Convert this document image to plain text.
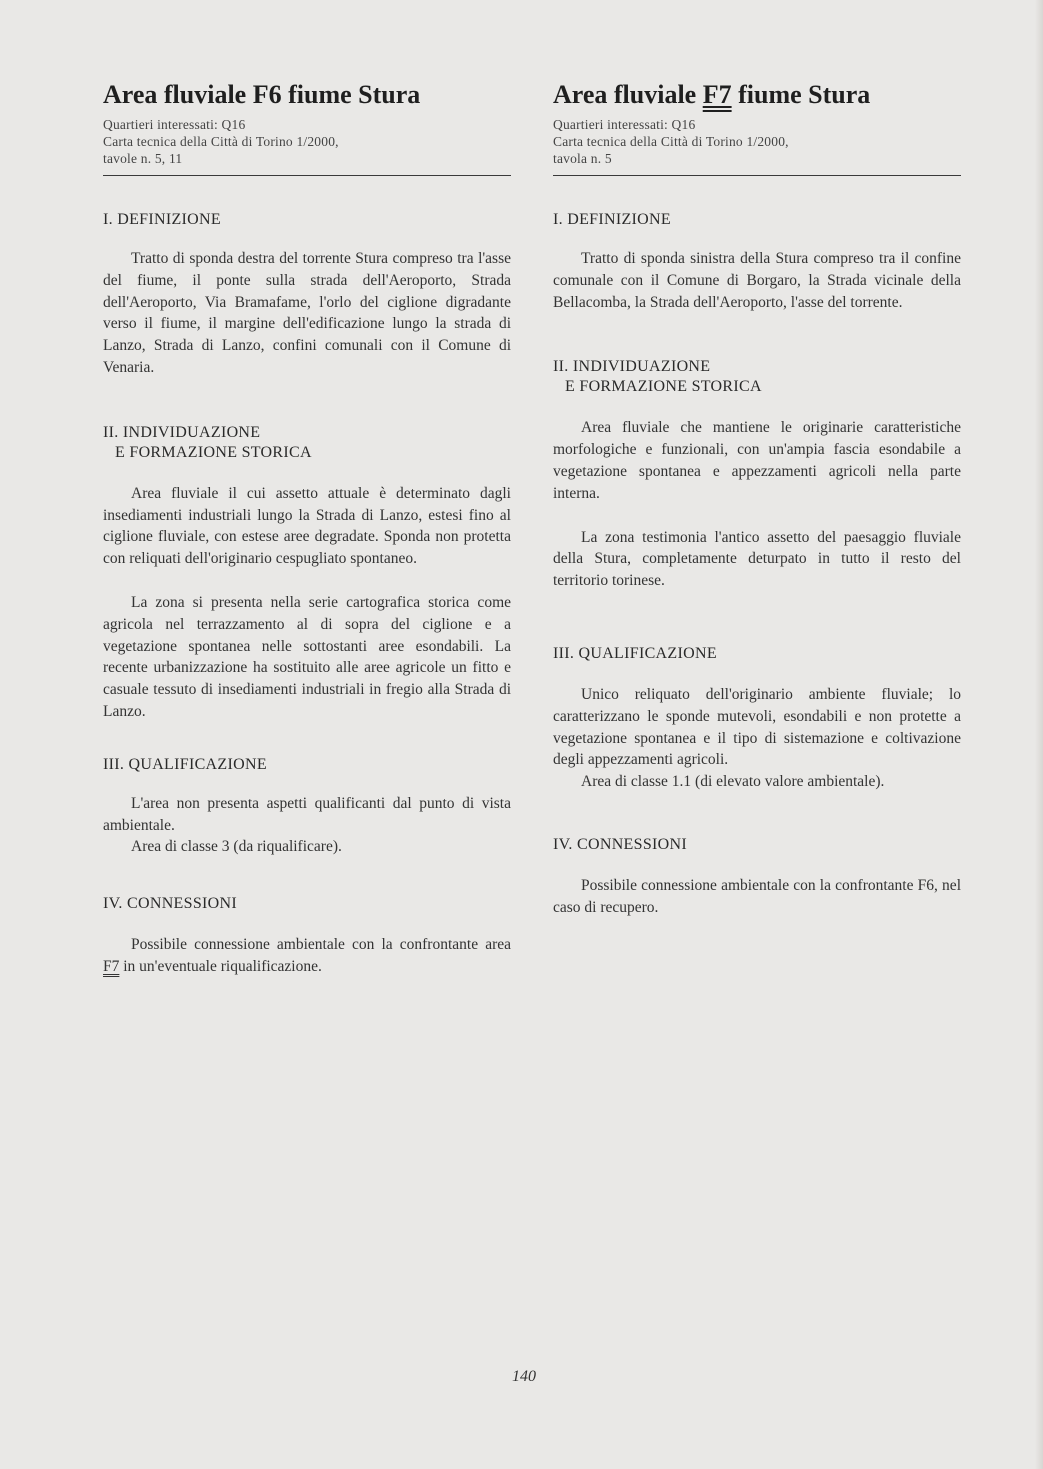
Area fluviale F6 fiume Stura
Quartieri interessati: Q16
Carta tecnica della Città di Torino 1/2000,
tavole n. 5, 11
I. DEFINIZIONE

Tratto di sponda destra del torrente Stura compreso tra l'asse del fiume, il ponte sulla strada dell'Aeroporto, Strada dell'Aeroporto, Via Bramafame, l'orlo del ciglione digradante verso il fiume, il margine dell'edificazione lungo la strada di Lanzo, Strada di Lanzo, confini comunali con il Comune di Venaria.

II. INDIVIDUAZIONE
E FORMAZIONE STORICA

Area fluviale il cui assetto attuale è determinato dagli insediamenti industriali lungo la Strada di Lanzo, estesi fino al ciglione fluviale, con estese aree degradate. Sponda non protetta con reliquati dell'originario cespugliato spontaneo.

La zona si presenta nella serie cartografica storica come agricola nel terrazzamento al di sopra del ciglione e a vegetazione spontanea nelle sottostanti aree esondabili. La recente urbanizzazione ha sostituito alle aree agricole un fitto e casuale tessuto di insediamenti industriali in fregio alla Strada di Lanzo.

III. QUALIFICAZIONE

L'area non presenta aspetti qualificanti dal punto di vista ambientale.

Area di classe 3 (da riqualificare).

IV. CONNESSIONI

Possibile connessione ambientale con la confrontante area F7 in un'eventuale riqualificazione.

Area fluviale F7 fiume Stura
Quartieri interessati: Q16
Carta tecnica della Città di Torino 1/2000,
tavola n. 5
I. DEFINIZIONE

Tratto di sponda sinistra della Stura compreso tra il confine comunale con il Comune di Borgaro, la Strada vicinale della Bellacomba, la Strada dell'Aeroporto, l'asse del torrente.

II. INDIVIDUAZIONE
E FORMAZIONE STORICA

Area fluviale che mantiene le originarie caratteristiche morfologiche e funzionali, con un'ampia fascia esondabile a vegetazione spontanea e appezzamenti agricoli nella parte interna.

La zona testimonia l'antico assetto del paesaggio fluviale della Stura, completamente deturpato in tutto il resto del territorio torinese.

III. QUALIFICAZIONE

Unico reliquato dell'originario ambiente fluviale; lo caratterizzano le sponde mutevoli, esondabili e non protette a vegetazione spontanea e il tipo di sistemazione e coltivazione degli appezzamenti agricoli.

Area di classe 1.1 (di elevato valore ambientale).

IV. CONNESSIONI

Possibile connessione ambientale con la confrontante F6, nel caso di recupero.

140
